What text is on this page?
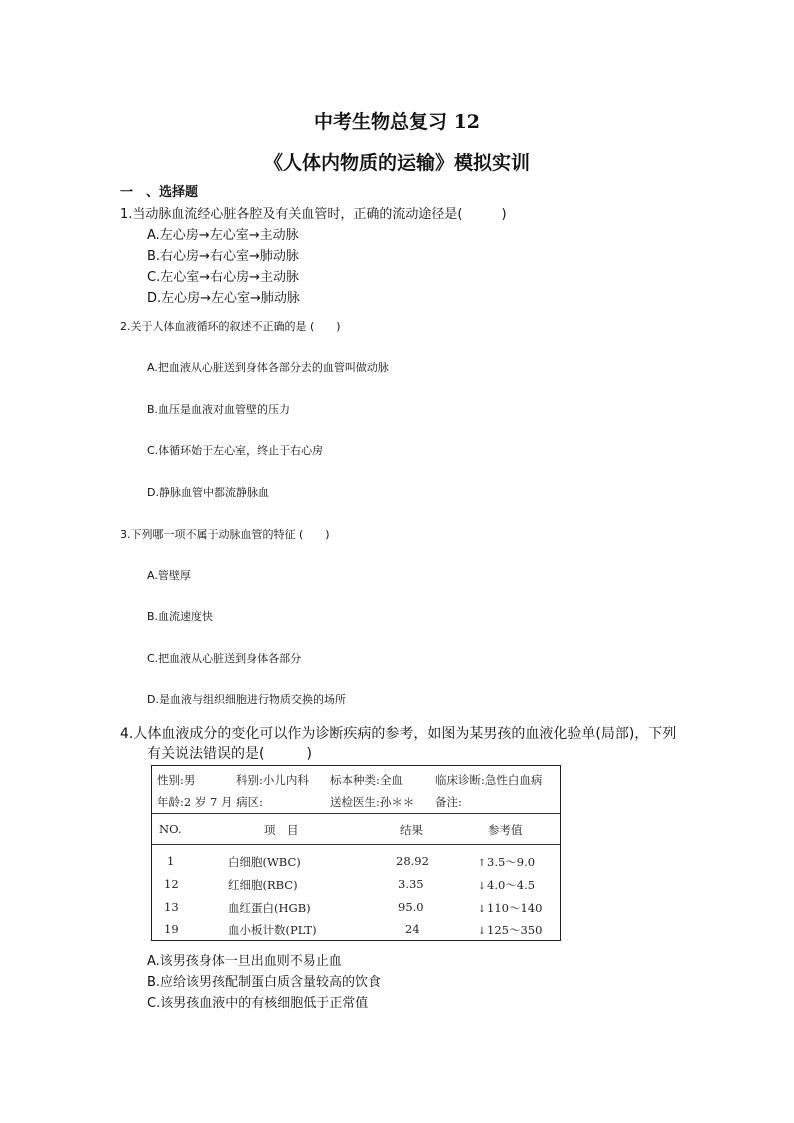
中考生物总复习 12
《人体内物质的运输》模拟实训
一　、选择题
1.当动脉血流经心脏各腔及有关血管时，正确的流动途径是(　　　)
A.左心房→左心室→主动脉
B.右心房→右心室→肺动脉
C.左心室→右心房→主动脉
D.左心房→左心室→肺动脉
2.关于人体血液循环的叙述不正确的是 (　　)
A.把血液从心脏送到身体各部分去的血管叫做动脉
B.血压是血液对血管壁的压力
C.体循环始于左心室，终止于右心房
D.静脉血管中都流静脉血
3.下列哪一项不属于动脉血管的特征 (　　)
A.管壁厚
B.血流速度快
C.把血液从心脏送到身体各部分
D.是血液与组织细胞进行物质交换的场所
4.人体血液成分的变化可以作为诊断疾病的参考，如图为某男孩的血液化验单(局部)，下列
有关说法错误的是(　　　)
性别:男	科别:小儿内科 标本种类:全血	临床诊断:急性白血病
年龄:2 岁 7 月 病区:	送检医生:孙＊＊ 备注:
NO.	项　目	结果	参考值
1	白细胞(WBC)	28.92	↑3.5～9.0
12	红细胞(RBC)	3.35	↓4.0～4.5
13	血红蛋白(HGB)	95.0	↓110～140
19	血小板计数(PLT)	24	↓125～350
A.该男孩身体一旦出血则不易止血
B.应给该男孩配制蛋白质含量较高的饮食
C.该男孩血液中的有核细胞低于正常值
